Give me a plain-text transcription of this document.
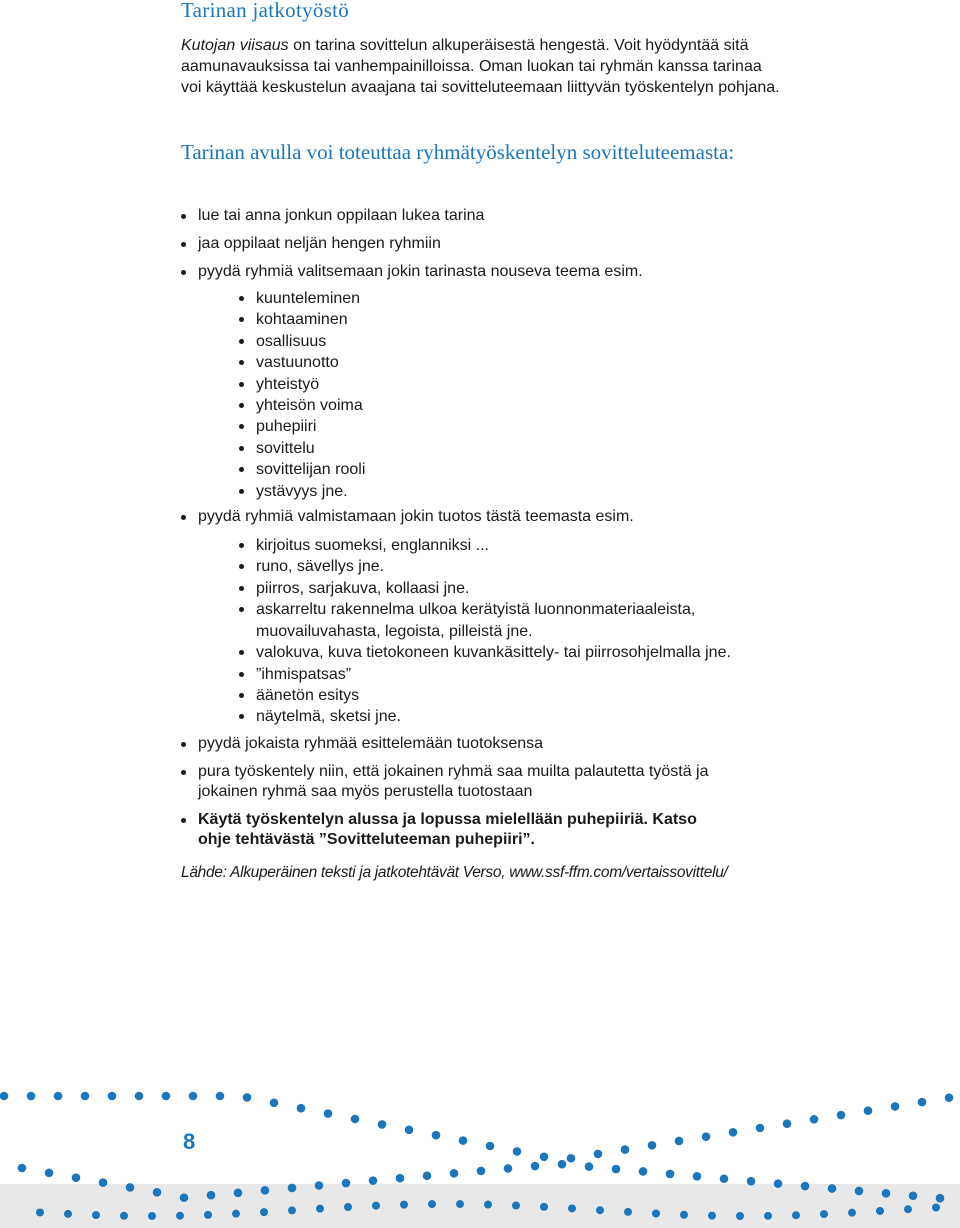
Tarinan jatkotyöstö

Kutojan viisaus on tarina sovittelun alkuperäisestä hengestä. Voit hyödyntää sitä aamunavauksissa tai vanhempainilloissa. Oman luokan tai ryhmän kanssa tarinaa voi käyttää keskustelun avaajana tai sovitteluteemaan liittyvän työskentelyn pohjana.

Tarinan avulla voi toteuttaa ryhmätyöskentelyn sovitteluteemasta:
lue tai anna jonkun oppilaan lukea tarina
jaa oppilaat neljän hengen ryhmiin
pyydä ryhmiä valitsemaan jokin tarinasta nouseva teema esim.
kuunteleminen
kohtaaminen
osallisuus
vastuunotto
yhteistyö
yhteisön voima
puhepiiri
sovittelu
sovittelijan rooli
ystävyys jne.
pyydä ryhmiä valmistamaan jokin tuotos tästä teemasta esim.
kirjoitus suomeksi, englanniksi ...
runo, sävellys jne.
piirros, sarjakuva, kollaasi jne.
askarreltu rakennelma ulkoa kerätyistä luonnonmateriaaleista, muovailuvahasta, legoista, pilleistä jne.
valokuva, kuva tietokoneen kuvankäsittely- tai piirrosohjelmalla jne.
”ihmispatsas”
äänetön esitys
näytelmä, sketsi jne.
pyydä jokaista ryhmää esittelemään tuotoksensa
pura työskentely niin, että jokainen ryhmä saa muilta palautetta työstä ja jokainen ryhmä saa myös perustella tuotostaan
Käytä työskentelyn alussa ja lopussa mielellään puhepiiriä. Katso ohje tehtävästä ”Sovitteluteeman puhepiiri”.

Lähde: Alkuperäinen teksti ja jatkotehtävät Verso, www.ssf-ffm.com/vertaissovittelu/

8
